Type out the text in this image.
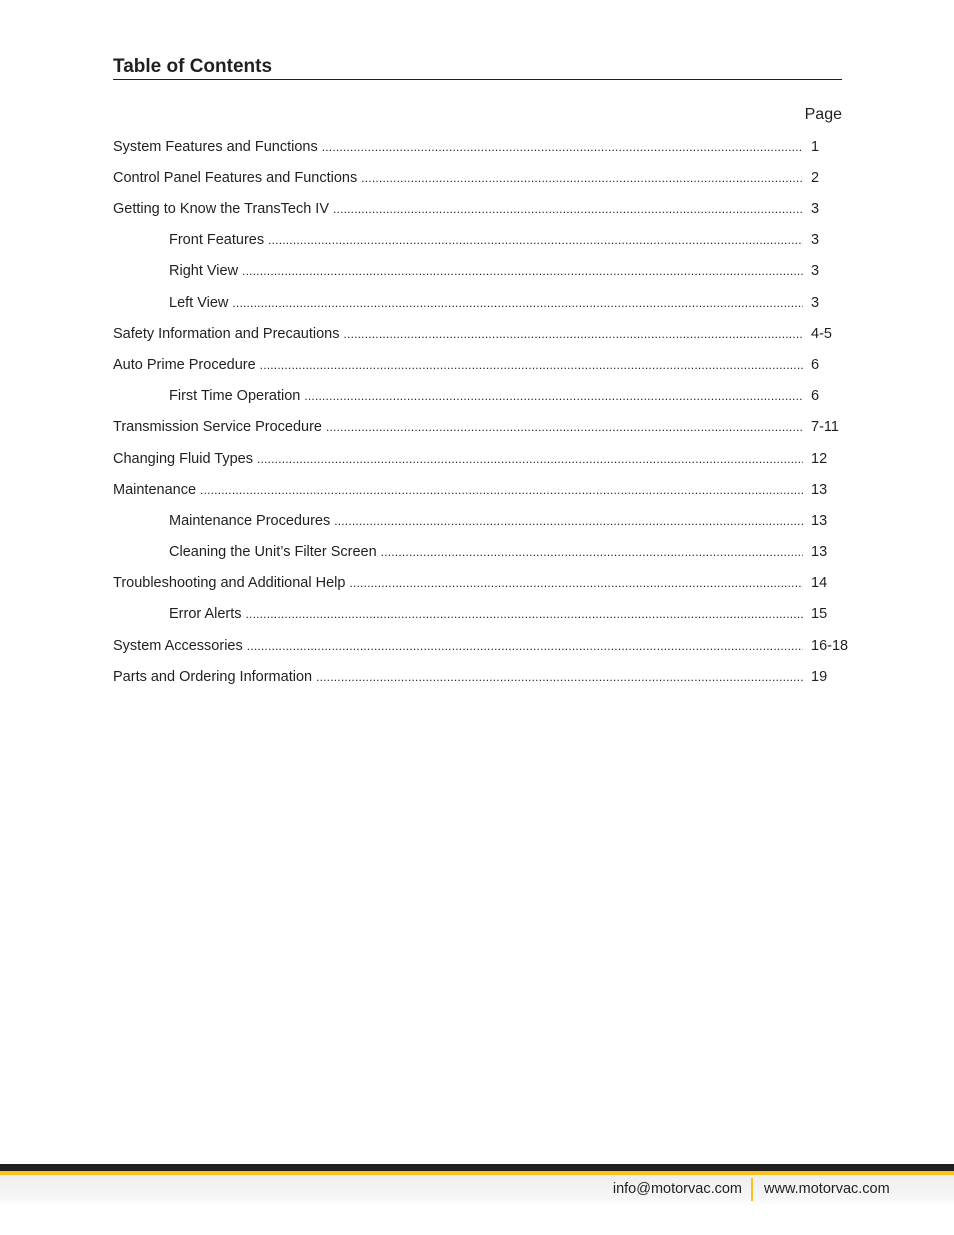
Table of Contents
Page
System Features and Functions .....	1
Control Panel Features and Functions .....	2
Getting to Know the TransTech IV .....	3
Front Features .....	3
Right View .....	3
Left View .....	3
Safety Information and Precautions .....	4-5
Auto Prime Procedure .....	6
First Time Operation .....	6
Transmission Service Procedure .....	7-11
Changing Fluid Types .....	12
Maintenance .....	13
Maintenance Procedures .....	13
Cleaning the Unit’s Filter Screen .....	13
Troubleshooting and Additional Help .....	14
Error Alerts .....	15
System Accessories .....	16-18
Parts and Ordering Information .....	19
info@motorvac.com www.motorvac.com
